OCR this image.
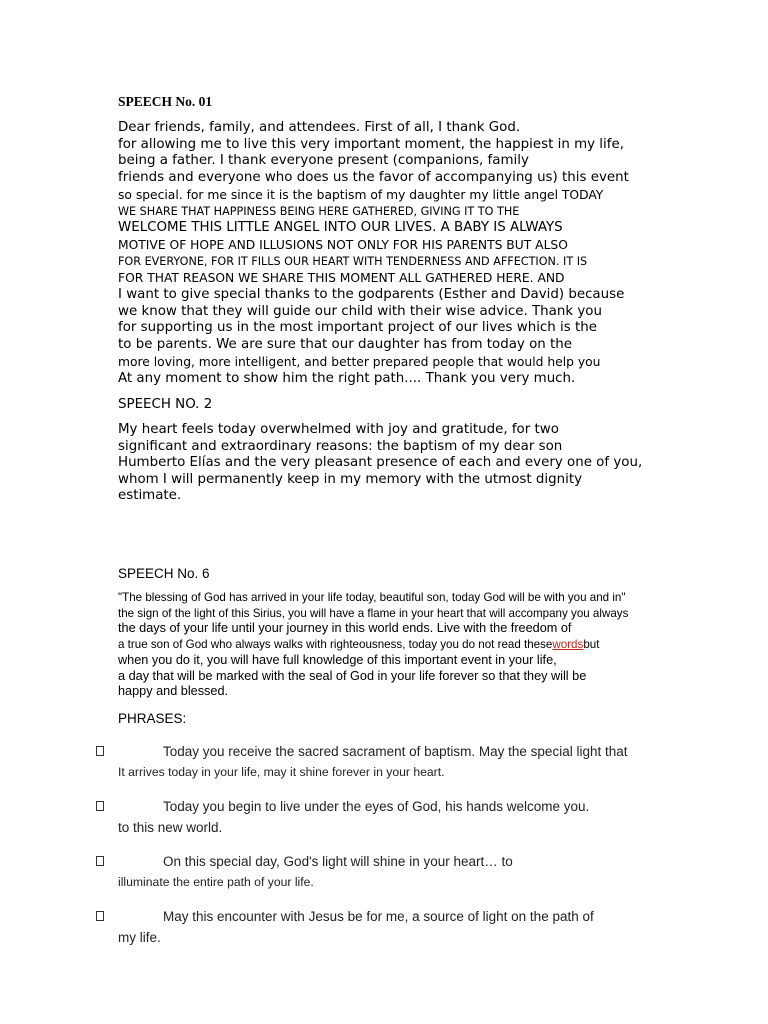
SPEECH No. 01
Dear friends, family, and attendees. First of all, I thank God.
for allowing me to live this very important moment, the happiest in my life,
being a father. I thank everyone present (companions, family
friends and everyone who does us the favor of accompanying us) this event
so special. for me since it is the baptism of my daughter my little angel TODAY
WE SHARE THAT HAPPINESS BEING HERE GATHERED, GIVING IT TO THE
WELCOME THIS LITTLE ANGEL INTO OUR LIVES. A BABY IS ALWAYS
MOTIVE OF HOPE AND ILLUSIONS NOT ONLY FOR HIS PARENTS BUT ALSO
FOR EVERYONE, FOR IT FILLS OUR HEART WITH TENDERNESS AND AFFECTION. IT IS
FOR THAT REASON WE SHARE THIS MOMENT ALL GATHERED HERE. AND
I want to give special thanks to the godparents (Esther and David) because
we know that they will guide our child with their wise advice. Thank you
for supporting us in the most important project of our lives which is the
to be parents. We are sure that our daughter has from today on the
more loving, more intelligent, and better prepared people that would help you
At any moment to show him the right path.... Thank you very much.
SPEECH NO. 2
My heart feels today overwhelmed with joy and gratitude, for two
significant and extraordinary reasons: the baptism of my dear son
Humberto Elías and the very pleasant presence of each and every one of you,
whom I will permanently keep in my memory with the utmost dignity
estimate.
SPEECH No. 6
"The blessing of God has arrived in your life today, beautiful son, today God will be with you and in"
the sign of the light of this Sirius, you will have a flame in your heart that will accompany you always
the days of your life until your journey in this world ends. Live with the freedom of
a true son of God who always walks with righteousness, today you do not read thesewordsbut
when you do it, you will have full knowledge of this important event in your life,
a day that will be marked with the seal of God in your life forever so that they will be
happy and blessed.
PHRASES:
Today you receive the sacred sacrament of baptism. May the special light that
It arrives today in your life, may it shine forever in your heart.
Today you begin to live under the eyes of God, his hands welcome you.
to this new world.
On this special day, God's light will shine in your heart… to
illuminate the entire path of your life.
May this encounter with Jesus be for me, a source of light on the path of
my life.
